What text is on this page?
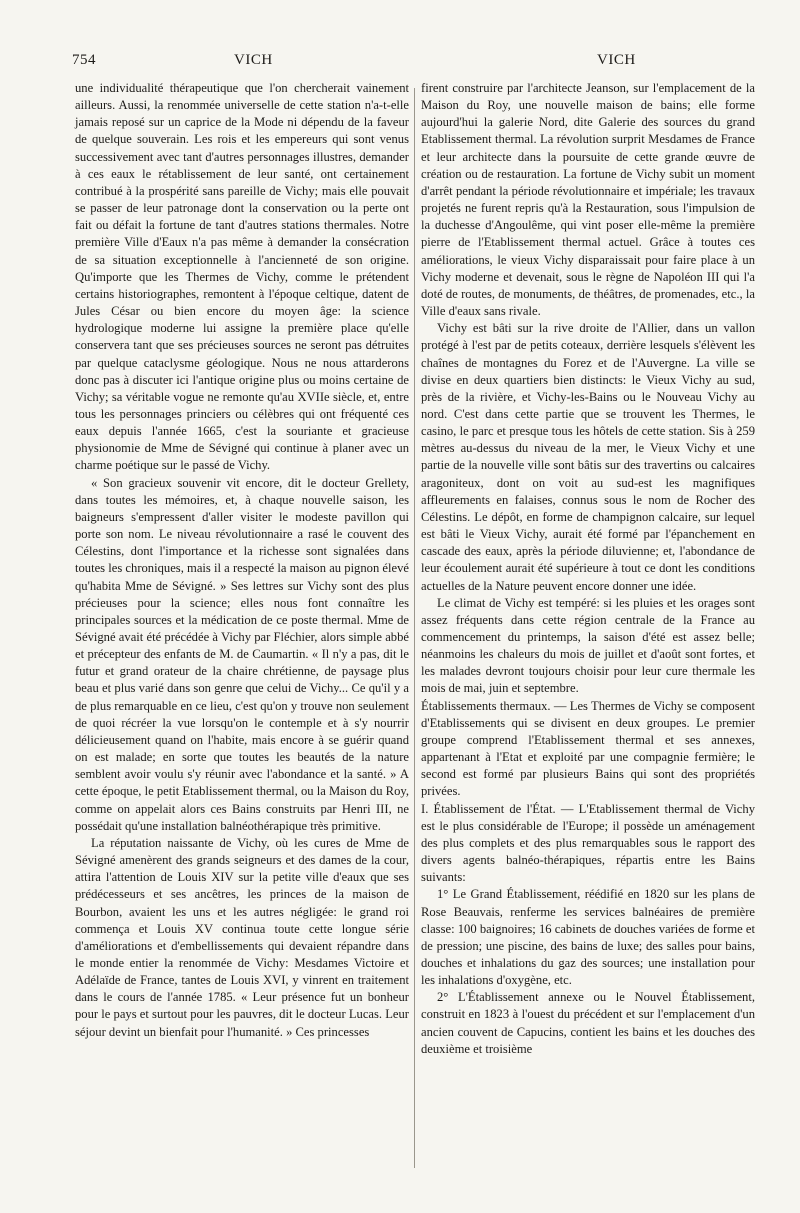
754	VICH	VICH

une individualité thérapeutique que l'on chercherait vainement ailleurs. Aussi, la renommée universelle de cette station n'a-t-elle jamais reposé sur un caprice de la Mode ni dépendu de la faveur de quelque souverain. Les rois et les empereurs qui sont venus successivement avec tant d'autres personnages illustres, demander à ces eaux le rétablissement de leur santé, ont certainement contribué à la prospérité sans pareille de Vichy; mais elle pouvait se passer de leur patronage dont la conservation ou la perte ont fait ou défait la fortune de tant d'autres stations thermales. Notre première Ville d'Eaux n'a pas même à demander la consécration de sa situation exceptionnelle à l'ancienneté de son origine. Qu'importe que les Thermes de Vichy, comme le prétendent certains historiographes, remontent à l'époque celtique, datent de Jules César ou bien encore du moyen âge: la science hydrologique moderne lui assigne la première place qu'elle conservera tant que ses précieuses sources ne seront pas détruites par quelque cataclysme géologique. Nous ne nous attarderons donc pas à discuter ici l'antique origine plus ou moins certaine de Vichy; sa véritable vogue ne remonte qu'au XVIIe siècle, et, entre tous les personnages princiers ou célèbres qui ont fréquenté ces eaux depuis l'année 1665, c'est la souriante et gracieuse physionomie de Mme de Sévigné qui continue à planer avec un charme poétique sur le passé de Vichy.

« Son gracieux souvenir vit encore, dit le docteur Grellety, dans toutes les mémoires, et, à chaque nouvelle saison, les baigneurs s'empressent d'aller visiter le modeste pavillon qui porte son nom. Le niveau révolutionnaire a rasé le couvent des Célestins, dont l'importance et la richesse sont signalées dans toutes les chroniques, mais il a respecté la maison au pignon élevé qu'habita Mme de Sévigné. » Ses lettres sur Vichy sont des plus précieuses pour la science; elles nous font connaître les principales sources et la médication de ce poste thermal. Mme de Sévigné avait été précédée à Vichy par Fléchier, alors simple abbé et précepteur des enfants de M. de Caumartin. « Il n'y a pas, dit le futur et grand orateur de la chaire chrétienne, de paysage plus beau et plus varié dans son genre que celui de Vichy... Ce qu'il y a de plus remarquable en ce lieu, c'est qu'on y trouve non seulement de quoi récréer la vue lorsqu'on le contemple et à s'y nourrir délicieusement quand on l'habite, mais encore à se guérir quand on est malade; en sorte que toutes les beautés de la nature semblent avoir voulu s'y réunir avec l'abondance et la santé. » A cette époque, le petit Etablissement thermal, ou la Maison du Roy, comme on appelait alors ces Bains construits par Henri III, ne possédait qu'une installation balnéothérapique très primitive.

La réputation naissante de Vichy, où les cures de Mme de Sévigné amenèrent des grands seigneurs et des dames de la cour, attira l'attention de Louis XIV sur la petite ville d'eaux que ses prédécesseurs et ses ancêtres, les princes de la maison de Bourbon, avaient les uns et les autres négligée: le grand roi commença et Louis XV continua toute cette longue série d'améliorations et d'embellissements qui devaient répandre dans le monde entier la renommée de Vichy: Mesdames Victoire et Adélaïde de France, tantes de Louis XVI, y vinrent en traitement dans le cours de l'année 1785. « Leur présence fut un bonheur pour le pays et surtout pour les pauvres, dit le docteur Lucas. Leur séjour devint un bienfait pour l'humanité. » Ces princesses

firent construire par l'architecte Jeanson, sur l'emplacement de la Maison du Roy, une nouvelle maison de bains; elle forme aujourd'hui la galerie Nord, dite Galerie des sources du grand Etablissement thermal. La révolution surprit Mesdames de France et leur architecte dans la poursuite de cette grande œuvre de création ou de restauration. La fortune de Vichy subit un moment d'arrêt pendant la période révolutionnaire et impériale; les travaux projetés ne furent repris qu'à la Restauration, sous l'impulsion de la duchesse d'Angoulême, qui vint poser elle-même la première pierre de l'Etablissement thermal actuel. Grâce à toutes ces améliorations, le vieux Vichy disparaissait pour faire place à un Vichy moderne et devenait, sous le règne de Napoléon III qui l'a doté de routes, de monuments, de théâtres, de promenades, etc., la Ville d'eaux sans rivale.

Vichy est bâti sur la rive droite de l'Allier, dans un vallon protégé à l'est par de petits coteaux, derrière lesquels s'élèvent les chaînes de montagnes du Forez et de l'Auvergne. La ville se divise en deux quartiers bien distincts: le Vieux Vichy au sud, près de la rivière, et Vichy-les-Bains ou le Nouveau Vichy au nord. C'est dans cette partie que se trouvent les Thermes, le casino, le parc et presque tous les hôtels de cette station. Sis à 259 mètres au-dessus du niveau de la mer, le Vieux Vichy et une partie de la nouvelle ville sont bâtis sur des travertins ou calcaires aragoniteux, dont on voit au sud-est les magnifiques affleurements en falaises, connus sous le nom de Rocher des Célestins. Le dépôt, en forme de champignon calcaire, sur lequel est bâti le Vieux Vichy, aurait été formé par l'épanchement en cascade des eaux, après la période diluvienne; et, l'abondance de leur écoulement aurait été supérieure à tout ce dont les conditions actuelles de la Nature peuvent encore donner une idée.

Le climat de Vichy est tempéré: si les pluies et les orages sont assez fréquents dans cette région centrale de la France au commencement du printemps, la saison d'été est assez belle; néanmoins les chaleurs du mois de juillet et d'août sont fortes, et les malades devront toujours choisir pour leur cure thermale les mois de mai, juin et septembre.

Établissements thermaux. — Les Thermes de Vichy se composent d'Etablissements qui se divisent en deux groupes. Le premier groupe comprend l'Etablissement thermal et ses annexes, appartenant à l'Etat et exploité par une compagnie fermière; le second est formé par plusieurs Bains qui sont des propriétés privées.

I. Établissement de l'État. — L'Etablissement thermal de Vichy est le plus considérable de l'Europe; il possède un aménagement des plus complets et des plus remarquables sous le rapport des divers agents balnéo-thérapiques, répartis entre les Bains suivants:

1° Le Grand Établissement, réédifié en 1820 sur les plans de Rose Beauvais, renferme les services balnéaires de première classe: 100 baignoires; 16 cabinets de douches variées de forme et de pression; une piscine, des bains de luxe; des salles pour bains, douches et inhalations du gaz des sources; une installation pour les inhalations d'oxygène, etc.

2° L'Établissement annexe ou le Nouvel Établissement, construit en 1823 à l'ouest du précédent et sur l'emplacement d'un ancien couvent de Capucins, contient les bains et les douches des deuxième et troisième
